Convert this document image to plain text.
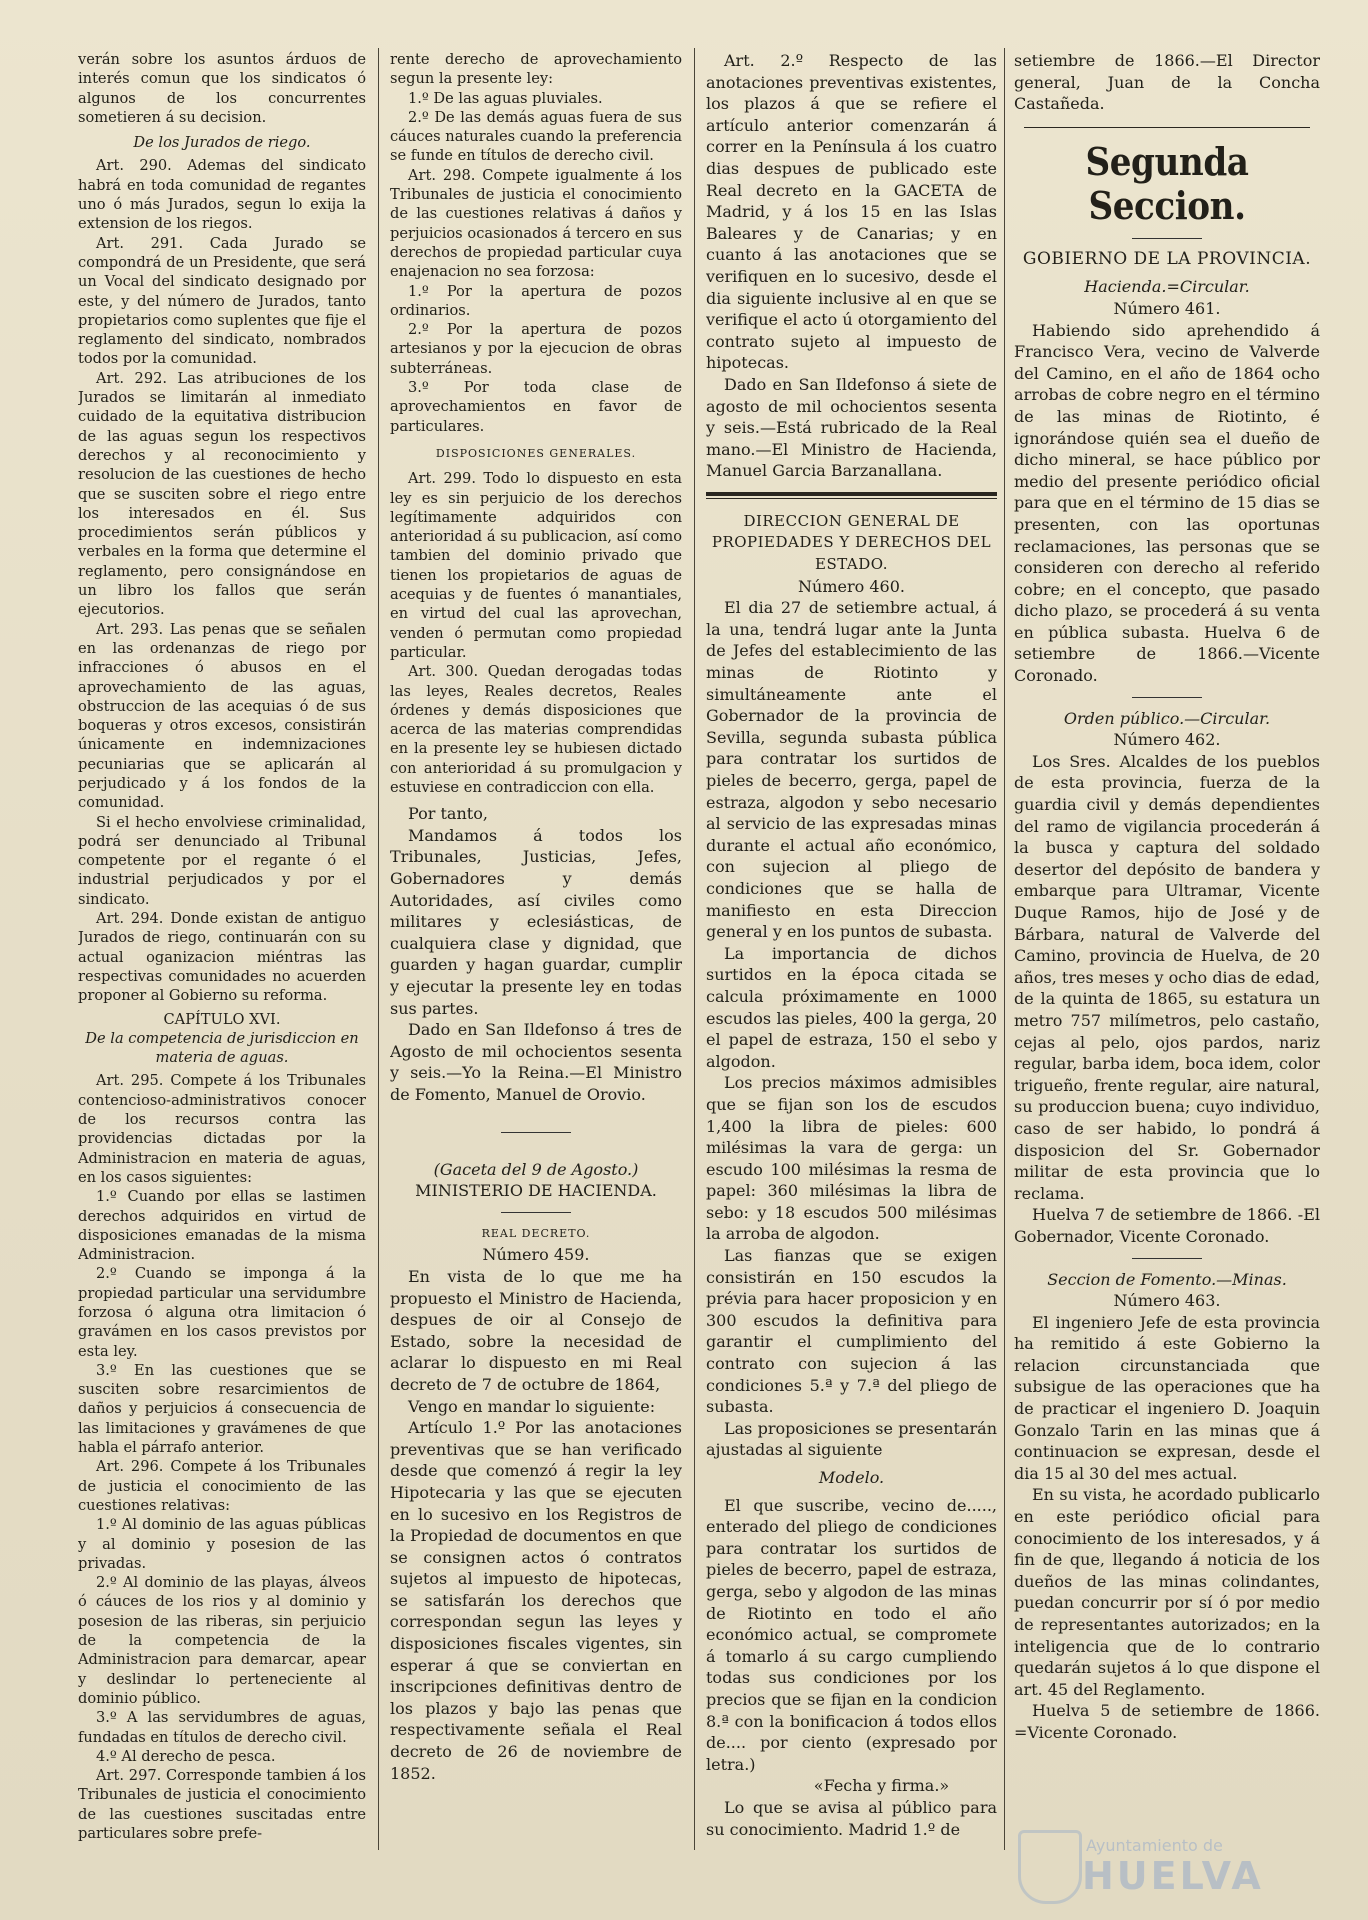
verán sobre los asuntos árduos de interés comun que los sindicatos ó algunos de los concurrentes sometieren á su decision.

De los Jurados de riego.

Art. 290. Ademas del sindicato habrá en toda comunidad de regantes uno ó más Jurados, segun lo exija la extension de los riegos.

Art. 291. Cada Jurado se compondrá de un Presidente, que será un Vocal del sindicato designado por este, y del número de Jurados, tanto propietarios como suplentes que fije el reglamento del sindicato, nombrados todos por la comunidad.

Art. 292. Las atribuciones de los Jurados se limitarán al inmediato cuidado de la equitativa distribucion de las aguas segun los respectivos derechos y al reconocimiento y resolucion de las cuestiones de hecho que se susciten sobre el riego entre los interesados en él. Sus procedimientos serán públicos y verbales en la forma que determine el reglamento, pero consignándose en un libro los fallos que serán ejecutorios.

Art. 293. Las penas que se señalen en las ordenanzas de riego por infracciones ó abusos en el aprovechamiento de las aguas, obstruccion de las acequias ó de sus boqueras y otros excesos, consistirán únicamente en indemnizaciones pecuniarias que se aplicarán al perjudicado y á los fondos de la comunidad.

Si el hecho envolviese criminalidad, podrá ser denunciado al Tribunal competente por el regante ó el industrial perjudicados y por el sindicato.

Art. 294. Donde existan de antiguo Jurados de riego, continuarán con su actual oganizacion miéntras las respectivas comunidades no acuerden proponer al Gobierno su reforma.

CAPÍTULO XVI.

De la competencia de jurisdiccion en materia de aguas.

Art. 295. Compete á los Tribunales contencioso-administrativos conocer de los recursos contra las providencias dictadas por la Administracion en materia de aguas, en los casos siguientes:

1.º Cuando por ellas se lastimen derechos adquiridos en virtud de disposiciones emanadas de la misma Administracion.

2.º Cuando se imponga á la propiedad particular una servidumbre forzosa ó alguna otra limitacion ó gravámen en los casos previstos por esta ley.

3.º En las cuestiones que se susciten sobre resarcimientos de daños y perjuicios á consecuencia de las limitaciones y gravámenes de que habla el párrafo anterior.

Art. 296. Compete á los Tribunales de justicia el conocimiento de las cuestiones relativas:

1.º Al dominio de las aguas públicas y al dominio y posesion de las privadas.

2.º Al dominio de las playas, álveos ó cáuces de los rios y al dominio y posesion de las riberas, sin perjuicio de la competencia de la Administracion para demarcar, apear y deslindar lo perteneciente al dominio público.

3.º A las servidumbres de aguas, fundadas en títulos de derecho civil.

4.º Al derecho de pesca.

Art. 297. Corresponde tambien á los Tribunales de justicia el conocimiento de las cuestiones suscitadas entre particulares sobre prefe-

rente derecho de aprovechamiento segun la presente ley:

1.º De las aguas pluviales.

2.º De las demás aguas fuera de sus cáuces naturales cuando la preferencia se funde en títulos de derecho civil.

Art. 298. Compete igualmente á los Tribunales de justicia el conocimiento de las cuestiones relativas á daños y perjuicios ocasionados á tercero en sus derechos de propiedad particular cuya enajenacion no sea forzosa:

1.º Por la apertura de pozos ordinarios.

2.º Por la apertura de pozos artesianos y por la ejecucion de obras subterráneas.

3.º Por toda clase de aprovechamientos en favor de particulares.

DISPOSICIONES GENERALES.

Art. 299. Todo lo dispuesto en esta ley es sin perjuicio de los derechos legítimamente adquiridos con anterioridad á su publicacion, así como tambien del dominio privado que tienen los propietarios de aguas de acequias y de fuentes ó manantiales, en virtud del cual las aprovechan, venden ó permutan como propiedad particular.

Art. 300. Quedan derogadas todas las leyes, Reales decretos, Reales órdenes y demás disposiciones que acerca de las materias comprendidas en la presente ley se hubiesen dictado con anterioridad á su promulgacion y estuviese en contradiccion con ella.

Por tanto,

Mandamos á todos los Tribunales, Justicias, Jefes, Gobernadores y demás Autoridades, así civiles como militares y eclesiásticas, de cualquiera clase y dignidad, que guarden y hagan guardar, cumplir y ejecutar la presente ley en todas sus partes.

Dado en San Ildefonso á tres de Agosto de mil ochocientos sesenta y seis.—Yo la Reina.—El Ministro de Fomento, Manuel de Orovio.

(Gaceta del 9 de Agosto.)

MINISTERIO DE HACIENDA.

REAL DECRETO.

Número 459.

En vista de lo que me ha propuesto el Ministro de Hacienda, despues de oir al Consejo de Estado, sobre la necesidad de aclarar lo dispuesto en mi Real decreto de 7 de octubre de 1864,

Vengo en mandar lo siguiente:

Artículo 1.º Por las anotaciones preventivas que se han verificado desde que comenzó á regir la ley Hipotecaria y las que se ejecuten en lo sucesivo en los Registros de la Propiedad de documentos en que se consignen actos ó contratos sujetos al impuesto de hipotecas, se satisfarán los derechos que correspondan segun las leyes y disposiciones fiscales vigentes, sin esperar á que se conviertan en inscripciones definitivas dentro de los plazos y bajo las penas que respectivamente señala el Real decreto de 26 de noviembre de 1852.

Art. 2.º Respecto de las anotaciones preventivas existentes, los plazos á que se refiere el artículo anterior comenzarán á correr en la Península á los cuatro dias despues de publicado este Real decreto en la GACETA de Madrid, y á los 15 en las Islas Baleares y de Canarias; y en cuanto á las anotaciones que se verifiquen en lo sucesivo, desde el dia siguiente inclusive al en que se verifique el acto ú otorgamiento del contrato sujeto al impuesto de hipotecas.

Dado en San Ildefonso á siete de agosto de mil ochocientos sesenta y seis.—Está rubricado de la Real mano.—El Ministro de Hacienda, Manuel Garcia Barzanallana.

DIRECCION GENERAL DE PROPIEDADES Y DERECHOS DEL ESTADO.

Número 460.

El dia 27 de setiembre actual, á la una, tendrá lugar ante la Junta de Jefes del establecimiento de las minas de Riotinto y simultáneamente ante el Gobernador de la provincia de Sevilla, segunda subasta pública para contratar los surtidos de pieles de becerro, gerga, papel de estraza, algodon y sebo necesario al servicio de las expresadas minas durante el actual año económico, con sujecion al pliego de condiciones que se halla de manifiesto en esta Direccion general y en los puntos de subasta.

La importancia de dichos surtidos en la época citada se calcula próximamente en 1000 escudos las pieles, 400 la gerga, 20 el papel de estraza, 150 el sebo y algodon.

Los precios máximos admisibles que se fijan son los de escudos 1,400 la libra de pieles: 600 milésimas la vara de gerga: un escudo 100 milésimas la resma de papel: 360 milésimas la libra de sebo: y 18 escudos 500 milésimas la arroba de algodon.

Las fianzas que se exigen consistirán en 150 escudos la prévia para hacer proposicion y en 300 escudos la definitiva para garantir el cumplimiento del contrato con sujecion á las condiciones 5.ª y 7.ª del pliego de subasta.

Las proposiciones se presentarán ajustadas al siguiente

Modelo.

El que suscribe, vecino de....., enterado del pliego de condiciones para contratar los surtidos de pieles de becerro, papel de estraza, gerga, sebo y algodon de las minas de Riotinto en todo el año económico actual, se compromete á tomarlo á su cargo cumpliendo todas sus condiciones por los precios que se fijan en la condicion 8.ª con la bonificacion á todos ellos de.... por ciento (expresado por letra.)

«Fecha y firma.»

Lo que se avisa al público para su conocimiento. Madrid 1.º de

setiembre de 1866.—El Director general, Juan de la Concha Castañeda.

Segunda Seccion.

GOBIERNO DE LA PROVINCIA.

Hacienda.=Circular.

Número 461.

Habiendo sido aprehendido á Francisco Vera, vecino de Valverde del Camino, en el año de 1864 ocho arrobas de cobre negro en el término de las minas de Riotinto, é ignorándose quién sea el dueño de dicho mineral, se hace público por medio del presente periódico oficial para que en el término de 15 dias se presenten, con las oportunas reclamaciones, las personas que se consideren con derecho al referido cobre; en el concepto, que pasado dicho plazo, se procederá á su venta en pública subasta. Huelva 6 de setiembre de 1866.—Vicente Coronado.

Orden público.—Circular.

Número 462.

Los Sres. Alcaldes de los pueblos de esta provincia, fuerza de la guardia civil y demás dependientes del ramo de vigilancia procederán á la busca y captura del soldado desertor del depósito de bandera y embarque para Ultramar, Vicente Duque Ramos, hijo de José y de Bárbara, natural de Valverde del Camino, provincia de Huelva, de 20 años, tres meses y ocho dias de edad, de la quinta de 1865, su estatura un metro 757 milímetros, pelo castaño, cejas al pelo, ojos pardos, nariz regular, barba idem, boca idem, color trigueño, frente regular, aire natural, su produccion buena; cuyo individuo, caso de ser habido, lo pondrá á disposicion del Sr. Gobernador militar de esta provincia que lo reclama.

Huelva 7 de setiembre de 1866. -El Gobernador, Vicente Coronado.

Seccion de Fomento.—Minas.

Número 463.

El ingeniero Jefe de esta provincia ha remitido á este Gobierno la relacion circunstanciada que subsigue de las operaciones que ha de practicar el ingeniero D. Joaquin Gonzalo Tarin en las minas que á continuacion se expresan, desde el dia 15 al 30 del mes actual.

En su vista, he acordado publicarlo en este periódico oficial para conocimiento de los interesados, y á fin de que, llegando á noticia de los dueños de las minas colindantes, puedan concurrir por sí ó por medio de representantes autorizados; en la inteligencia que de lo contrario quedarán sujetos á lo que dispone el art. 45 del Reglamento.

Huelva 5 de setiembre de 1866. =Vicente Coronado.

Ayuntamiento de
HUELVA
